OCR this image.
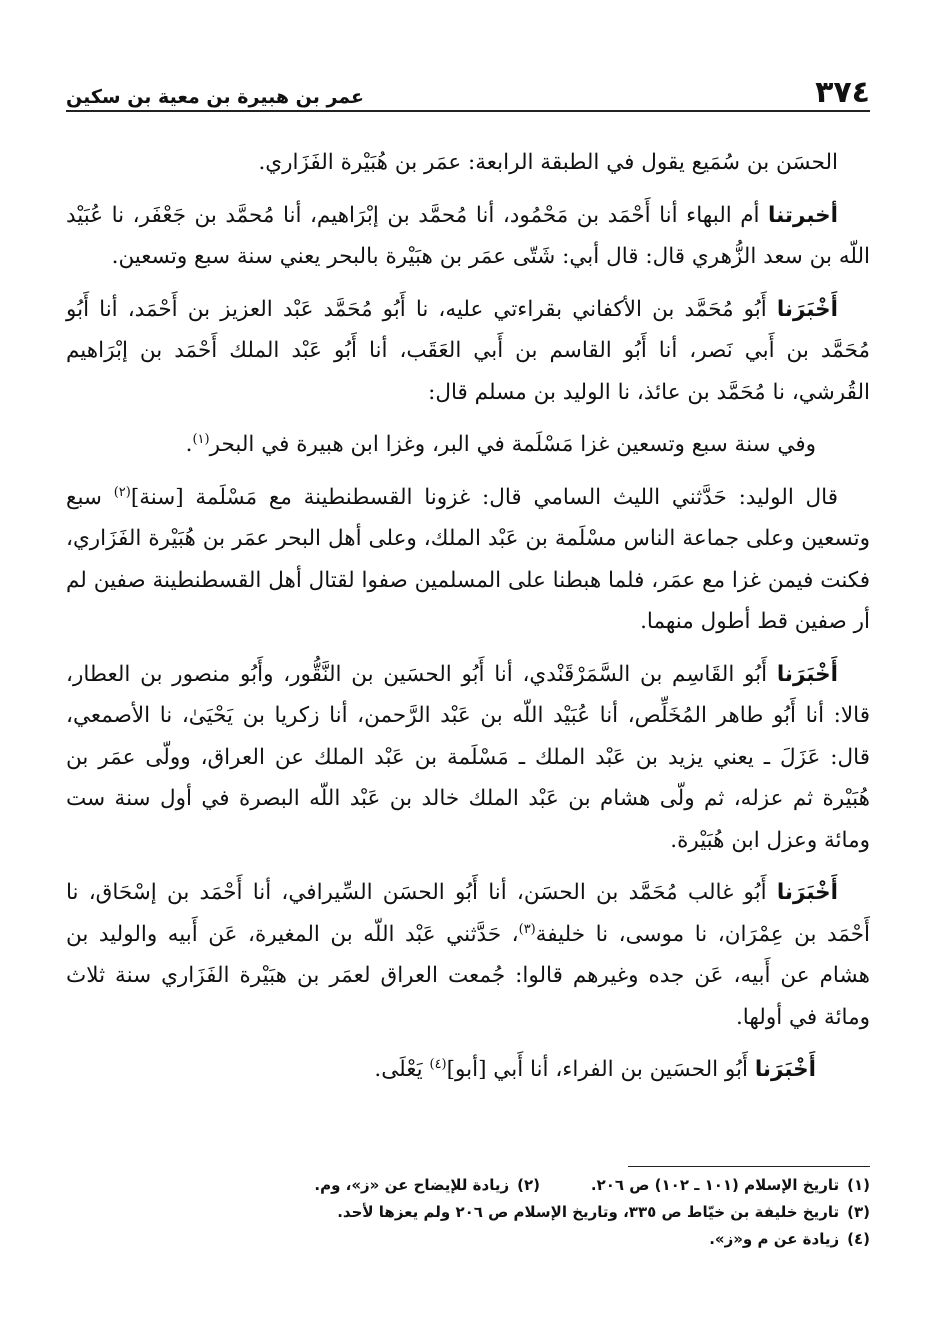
٣٧٤
عمر بن هبيرة بن معية بن سكين

الحسَن بن سُمَيع يقول في الطبقة الرابعة: عمَر بن هُبَيْرة الفَزَاري.

أخبرتنا أم البهاء أنا أَحْمَد بن مَحْمُود، أنا مُحمَّد بن إبْرَاهيم، أنا مُحمَّد بن جَعْفَر، نا عُبَيْد اللّه بن سعد الزُّهري قال: قال أبي: شَتّى عمَر بن هبَيْرة بالبحر يعني سنة سبع وتسعين.

أَخْبَرَنا أَبُو مُحَمَّد بن الأكفاني بقراءتي عليه، نا أَبُو مُحَمَّد عَبْد العزيز بن أَحْمَد، أنا أَبُو مُحَمَّد بن أَبي نَصر، أنا أَبُو القاسم بن أَبي العَقَب، أنا أَبُو عَبْد الملك أَحْمَد بن إبْرَاهيم القُرشي، نا مُحَمَّد بن عائذ، نا الوليد بن مسلم قال:

وفي سنة سبع وتسعين غزا مَسْلَمة في البر، وغزا ابن هبيرة في البحر$^{(١)}$.

قال الوليد: حَدَّثني الليث السامي قال: غزونا القسطنطينة مع مَسْلَمة [سنة]$^{(٢)}$ سبع وتسعين وعلى جماعة الناس مسْلَمة بن عَبْد الملك، وعلى أهل البحر عمَر بن هُبَيْرة الفَزَاري، فكنت فيمن غزا مع عمَر، فلما هبطنا على المسلمين صفوا لقتال أهل القسطنطينة صفين لم أر صفين قط أطول منهما.

أَخْبَرَنا أَبُو القَاسِم بن السَّمَرْقَنْدي، أنا أَبُو الحسَين بن النَّقُّور، وأَبُو منصور بن العطار، قالا: أنا أَبُو طاهر المُخَلِّص، أنا عُبَيْد اللّه بن عَبْد الرَّحمن، أنا زكريا بن يَحْيَىٰ، نا الأصمعي، قال: عَزَلَ ـ يعني يزيد بن عَبْد الملك ـ مَسْلَمة بن عَبْد الملك عن العراق، وولّى عمَر بن هُبَيْرة ثم عزله، ثم ولّى هشام بن عَبْد الملك خالد بن عَبْد اللّه البصرة في أول سنة ست ومائة وعزل ابن هُبَيْرة.

أَخْبَرَنا أَبُو غالب مُحَمَّد بن الحسَن، أنا أَبُو الحسَن السِّيرافي، أنا أَحْمَد بن إسْحَاق، نا أَحْمَد بن عِمْرَان، نا موسى، نا خليفة$^{(٣)}$، حَدَّثني عَبْد اللّه بن المغيرة، عَن أَبيه والوليد بن هشام عن أَبيه، عَن جده وغيرهم قالوا: جُمعت العراق لعمَر بن هبَيْرة الفَزَاري سنة ثلاث ومائة في أولها.

أَخْبَرَنا أَبُو الحسَين بن الفراء، أنا أَبي [أبو]$^{(٤)}$ يَعْلَى.

(١)
تاريخ الإسلام (١٠١ ـ ١٠٢) ص ٢٠٦.
(٢)
زيادة للإيضاح عن «ز»، وم.
(٣)
تاريخ خليفة بن خيّاط ص ٣٣٥، وتاريخ الإسلام ص ٢٠٦ ولم يعزها لأحد.
(٤)
زيادة عن م و«ز».
